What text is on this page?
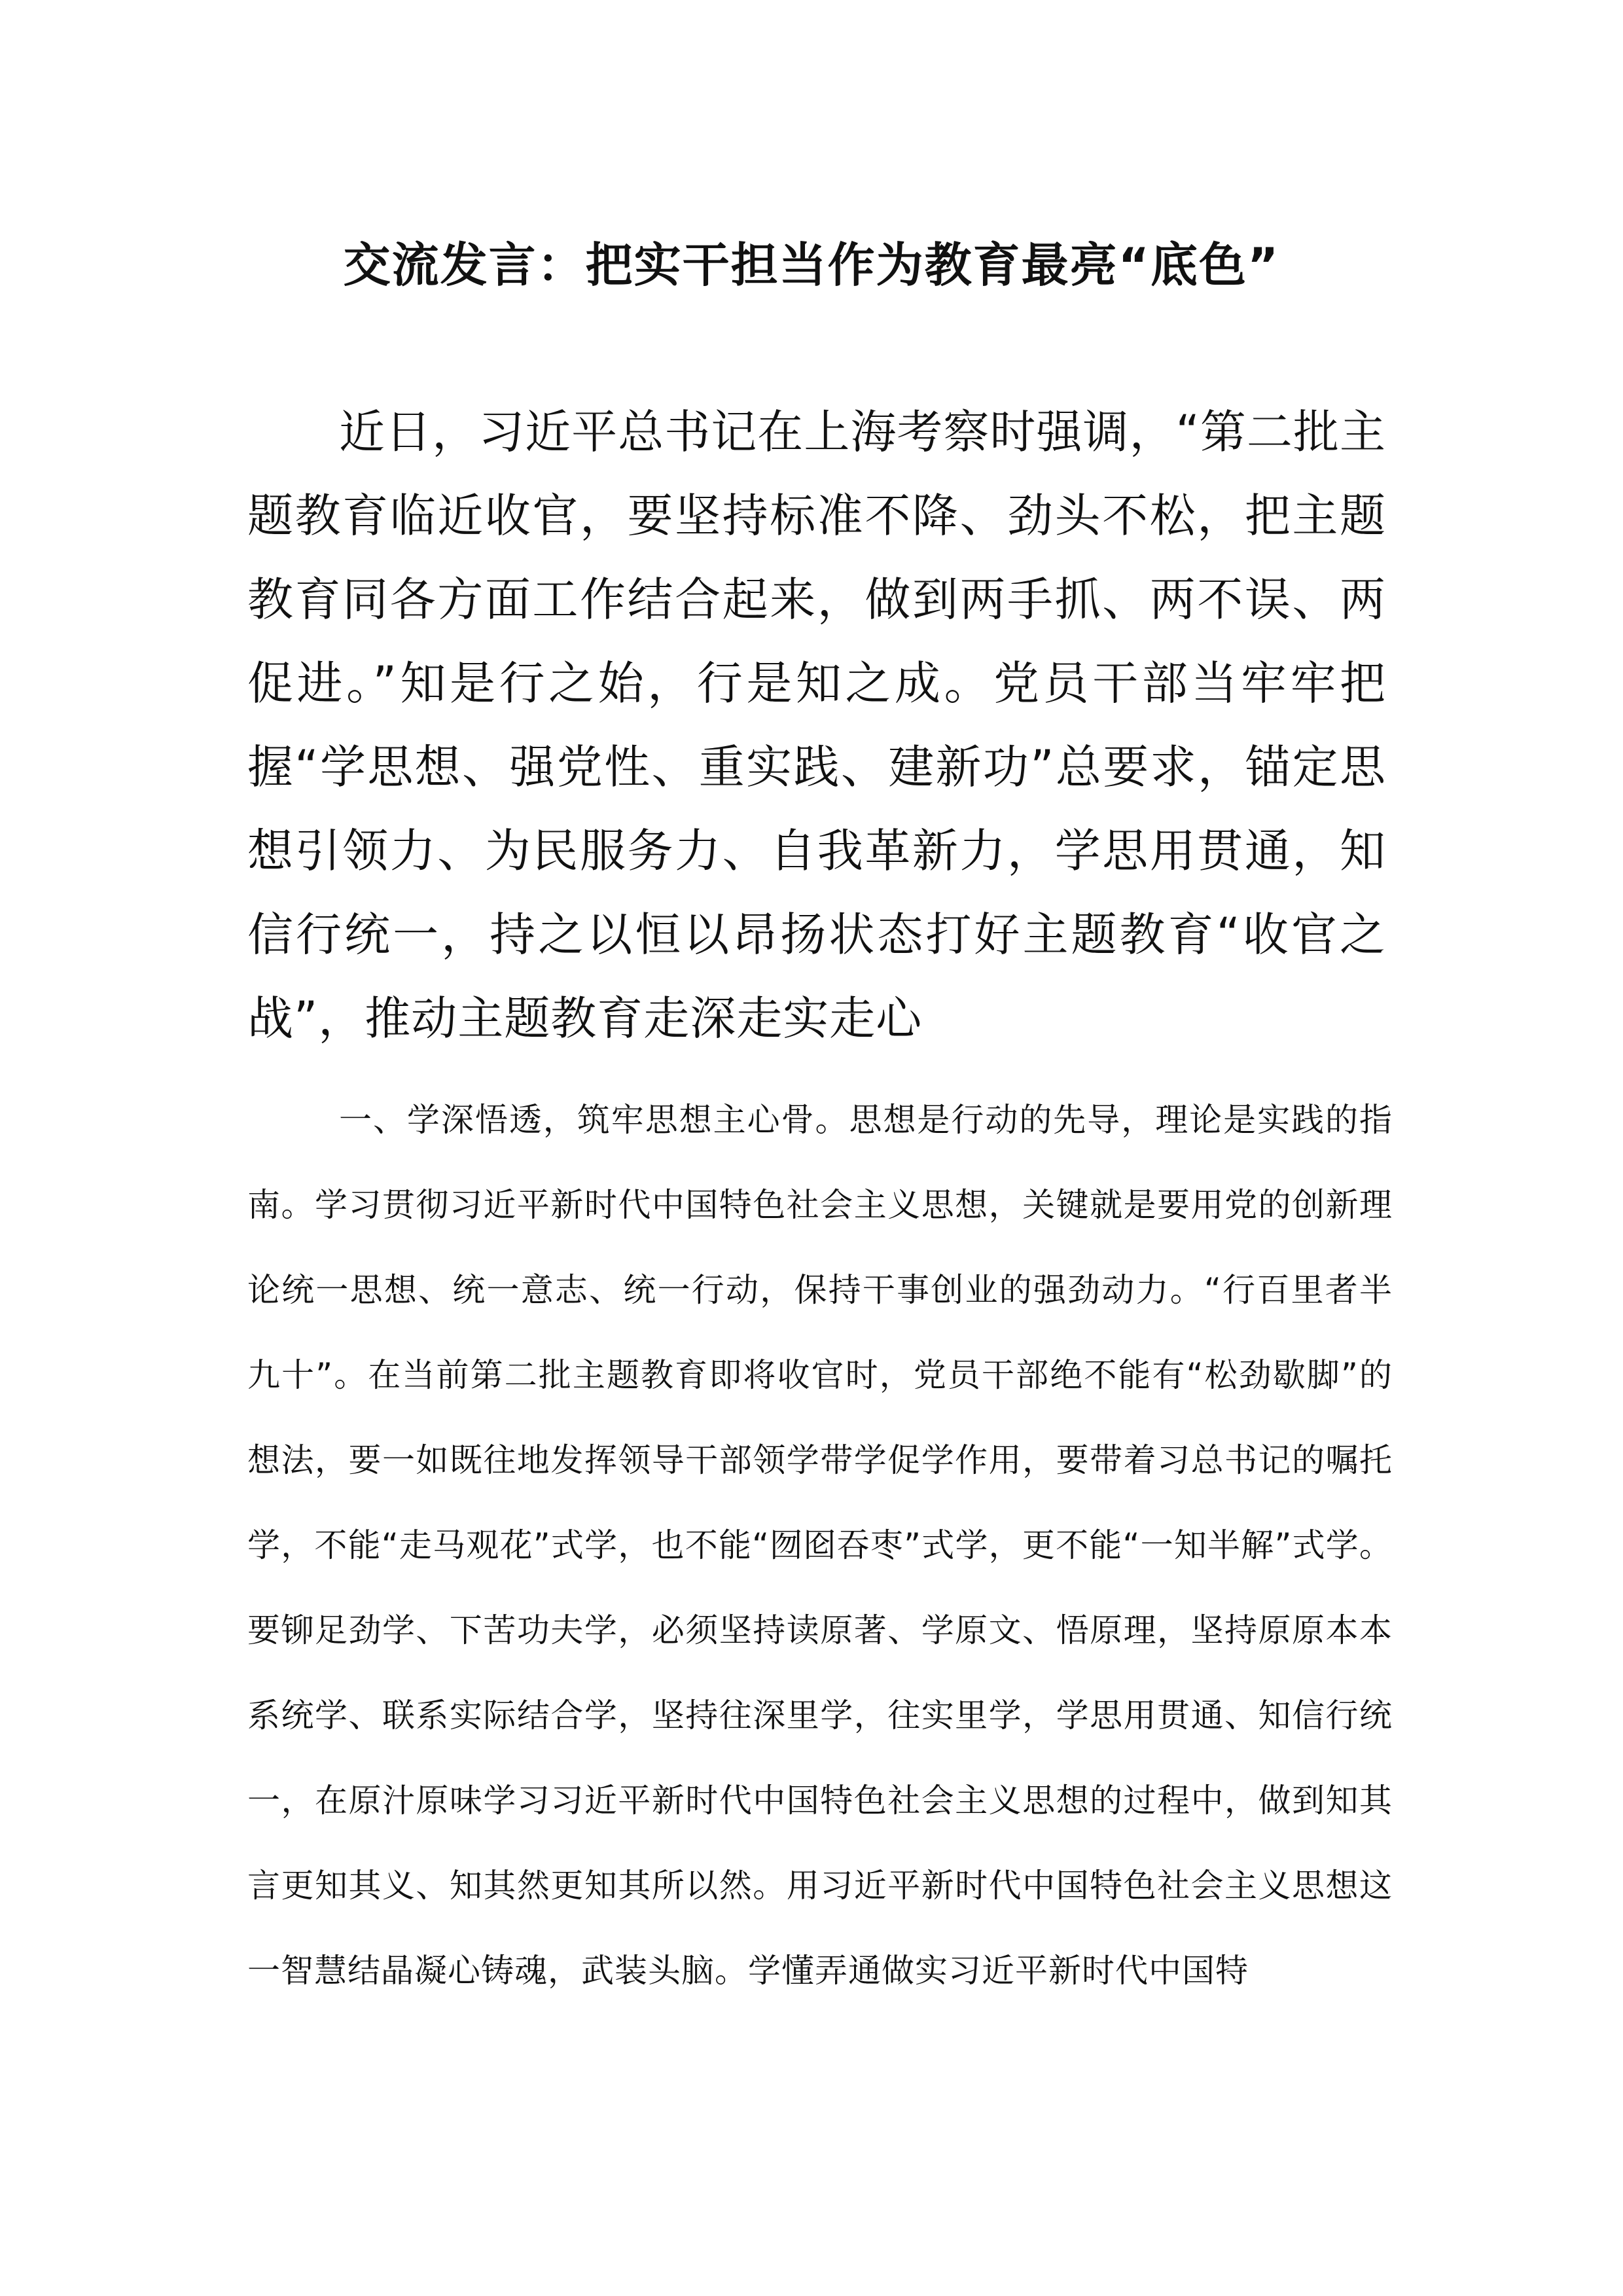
交流发言：把实干担当作为教育最亮“底色”

近日，习近平总书记在上海考察时强调，“第二批主题教育临近收官，要坚持标准不降、劲头不松，把主题教育同各方面工作结合起来，做到两手抓、两不误、两促进。”知是行之始，行是知之成。党员干部当牢牢把握“学思想、强党性、重实践、建新功”总要求，锚定思想引领力、为民服务力、自我革新力，学思用贯通，知信行统一，持之以恒以昂扬状态打好主题教育“收官之战”，推动主题教育走深走实走心

一、学深悟透，筑牢思想主心骨。思想是行动的先导，理论是实践的指南。学习贯彻习近平新时代中国特色社会主义思想，关键就是要用党的创新理论统一思想、统一意志、统一行动，保持干事创业的强劲动力。“行百里者半九十”。在当前第二批主题教育即将收官时，党员干部绝不能有“松劲歇脚”的想法，要一如既往地发挥领导干部领学带学促学作用，要带着习总书记的嘱托学，不能“走马观花”式学，也不能“囫囵吞枣”式学，更不能“一知半解”式学。要铆足劲学、下苦功夫学，必须坚持读原著、学原文、悟原理，坚持原原本本系统学、联系实际结合学，坚持往深里学，往实里学，学思用贯通、知信行统一，在原汁原味学习习近平新时代中国特色社会主义思想的过程中，做到知其言更知其义、知其然更知其所以然。用习近平新时代中国特色社会主义思想这一智慧结晶凝心铸魂，武装头脑。学懂弄通做实习近平新时代中国特
